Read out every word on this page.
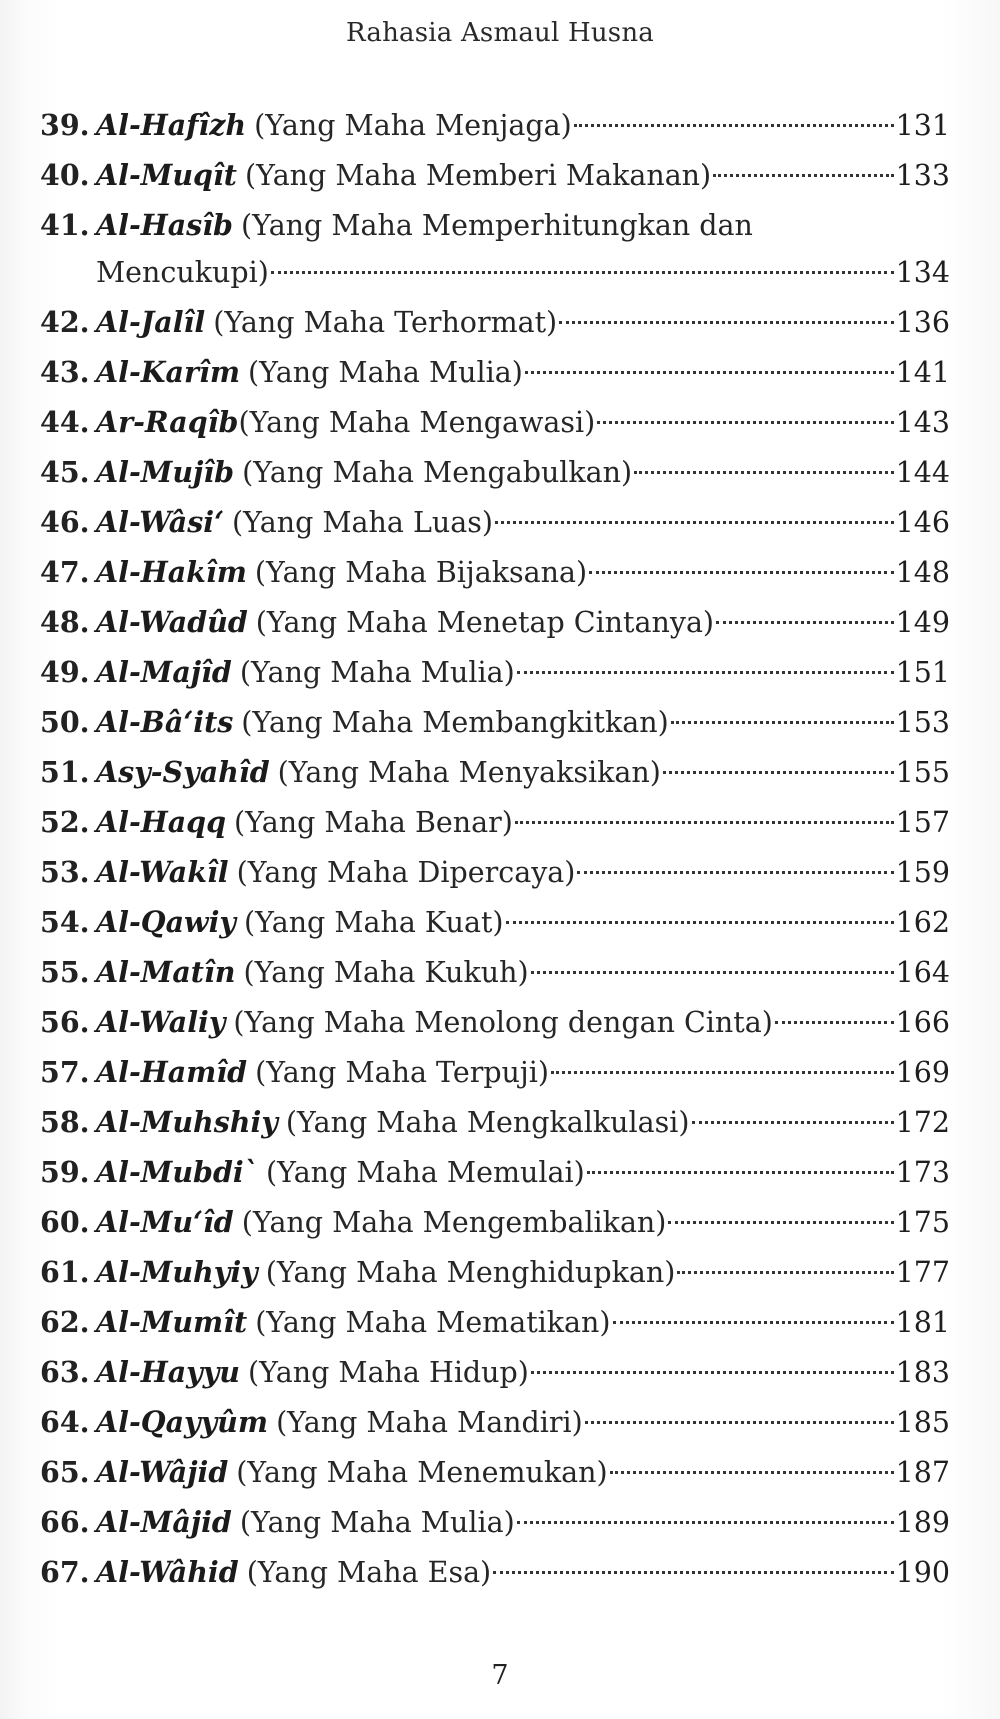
Rahasia Asmaul Husna
39. Al-Hafîzh (Yang Maha Menjaga)	131
40. Al-Muqît (Yang Maha Memberi Makanan)	133
41. Al-Hasîb (Yang Maha Memperhitungkan dan
Mencukupi)	134
42. Al-Jalîl (Yang Maha Terhormat)	136
43. Al-Karîm (Yang Maha Mulia)	141
44. Ar-Raqîb (Yang Maha Mengawasi)	143
45. Al-Mujîb (Yang Maha Mengabulkan)	144
46. Al-Wâsi‘ (Yang Maha Luas)	146
47. Al-Hakîm (Yang Maha Bijaksana)	148
48. Al-Wadûd (Yang Maha Menetap Cintanya)	149
49. Al-Majîd (Yang Maha Mulia)	151
50. Al-Bâ‘its (Yang Maha Membangkitkan)	153
51. Asy-Syahîd (Yang Maha Menyaksikan)	155
52. Al-Haqq (Yang Maha Benar)	157
53. Al-Wakîl (Yang Maha Dipercaya)	159
54. Al-Qawiy (Yang Maha Kuat)	162
55. Al-Matîn (Yang Maha Kukuh)	164
56. Al-Waliy (Yang Maha Menolong dengan Cinta)	166
57. Al-Hamîd (Yang Maha Terpuji)	169
58. Al-Muhshiy (Yang Maha Mengkalkulasi)	172
59. Al-Mubdi` (Yang Maha Memulai)	173
60. Al-Mu‘îd (Yang Maha Mengembalikan)	175
61. Al-Muhyiy (Yang Maha Menghidupkan)	177
62. Al-Mumît (Yang Maha Mematikan)	181
63. Al-Hayyu (Yang Maha Hidup)	183
64. Al-Qayyûm (Yang Maha Mandiri)	185
65. Al-Wâjid (Yang Maha Menemukan)	187
66. Al-Mâjid (Yang Maha Mulia)	189
67. Al-Wâhid (Yang Maha Esa)	190
7
